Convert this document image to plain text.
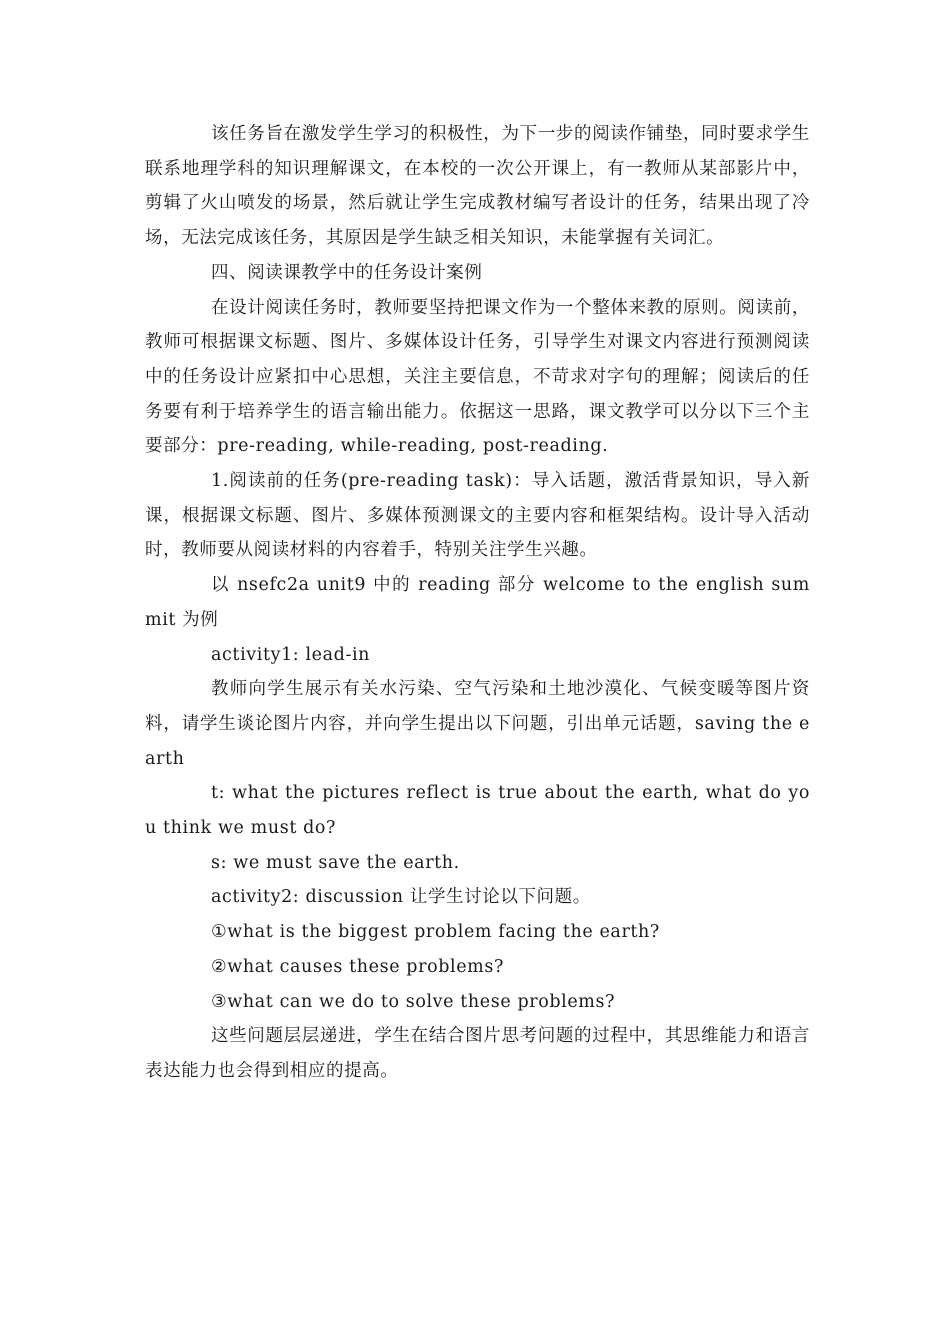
该任务旨在激发学生学习的积极性，为下一步的阅读作铺垫，同时要求学生联系地理学科的知识理解课文，在本校的一次公开课上，有一教师从某部影片中，剪辑了火山喷发的场景，然后就让学生完成教材编写者设计的任务，结果出现了冷场，无法完成该任务，其原因是学生缺乏相关知识，未能掌握有关词汇。

四、阅读课教学中的任务设计案例

在设计阅读任务时，教师要坚持把课文作为一个整体来教的原则。阅读前，教师可根据课文标题、图片、多媒体设计任务，引导学生对课文内容进行预测阅读中的任务设计应紧扣中心思想，关注主要信息，不苛求对字句的理解；阅读后的任务要有利于培养学生的语言输出能力。依据这一思路，课文教学可以分以下三个主要部分：pre-reading, while-reading, post-reading.

1.阅读前的任务(pre-reading task)：导入话题，激活背景知识，导入新课，根据课文标题、图片、多媒体预测课文的主要内容和框架结构。设计导入活动时，教师要从阅读材料的内容着手，特别关注学生兴趣。

以 nsefc2a unit9 中的 reading 部分 welcome to the english summit 为例

activity1: lead-in

教师向学生展示有关水污染、空气污染和土地沙漠化、气候变暖等图片资料，请学生谈论图片内容，并向学生提出以下问题，引出单元话题，saving the earth

t: what the pictures reflect is true about the earth, what do you think we must do?

s: we must save the earth.

activity2: discussion 让学生讨论以下问题。

①what is the biggest problem facing the earth?

②what causes these problems?

③what can we do to solve these problems?

这些问题层层递进，学生在结合图片思考问题的过程中，其思维能力和语言表达能力也会得到相应的提高。
